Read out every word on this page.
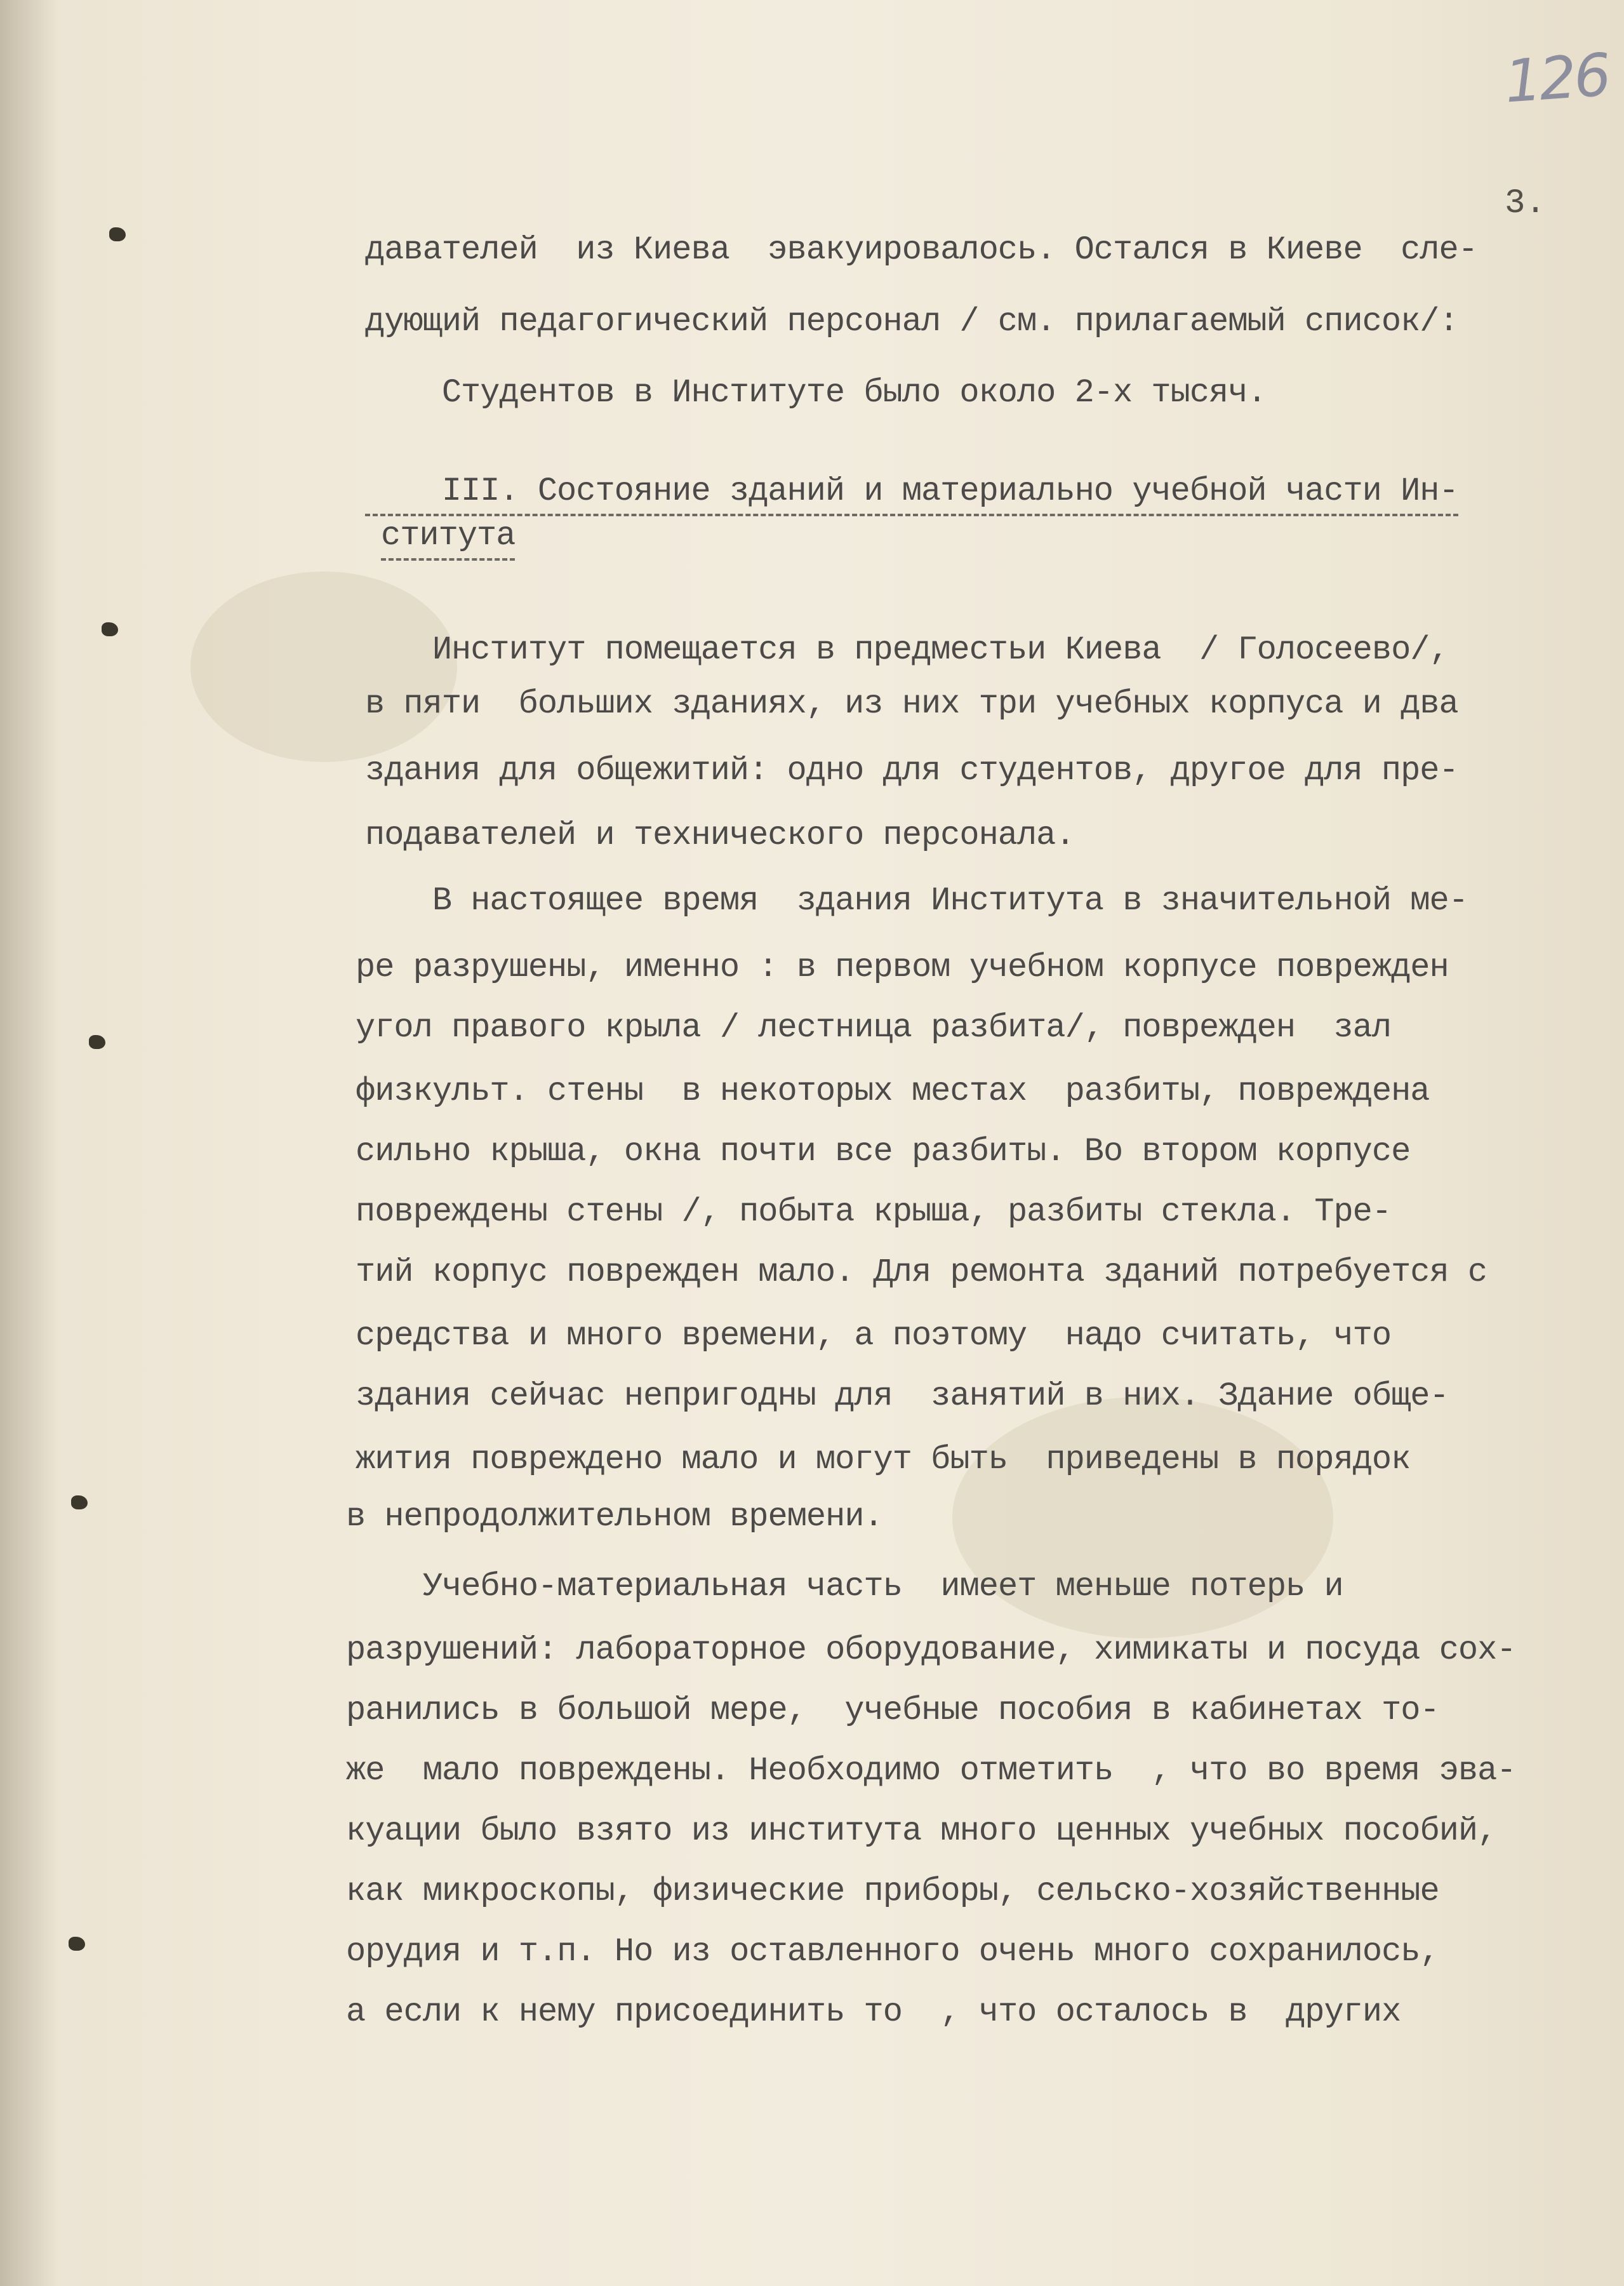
126
3.
давателей  из Киева  эвакуировалось. Остался в Киеве  сле-
дующий педагогический персонал / см. прилагаемый список/:
Студентов в Институте было около 2-х тысяч.
III. Состояние зданий и материально учебной части Ин-
ститута
Институт помещается в предместьи Киева  / Голосеево/,
в пяти  больших зданиях, из них три учебных корпуса и два
здания для общежитий: одно для студентов, другое для пре-
подавателей и технического персонала.
В настоящее время  здания Института в значительной ме-
ре разрушены, именно : в первом учебном корпусе поврежден
угол правого крыла / лестница разбита/, поврежден  зал
физкульт. стены  в некоторых местах  разбиты, повреждена
сильно крыша, окна почти все разбиты. Во втором корпусе
повреждены стены /, побыта крыша, разбиты стекла. Тре-
тий корпус поврежден мало. Для ремонта зданий потребуется с
средства и много времени, а поэтому  надо считать, что
здания сейчас непригодны для  занятий в них. Здание обще-
жития повреждено мало и могут быть  приведены в порядок
в непродолжительном времени.
Учебно-материальная часть  имеет меньше потерь и
разрушений: лабораторное оборудование, химикаты и посуда сох-
ранились в большой мере,  учебные пособия в кабинетах то-
же  мало повреждены. Необходимо отметить  , что во время эва-
куации было взято из института много ценных учебных пособий,
как микроскопы, физические приборы, сельско-хозяйственные
орудия и т.п. Но из оставленного очень много сохранилось,
а если к нему присоединить то  , что осталось в  других
